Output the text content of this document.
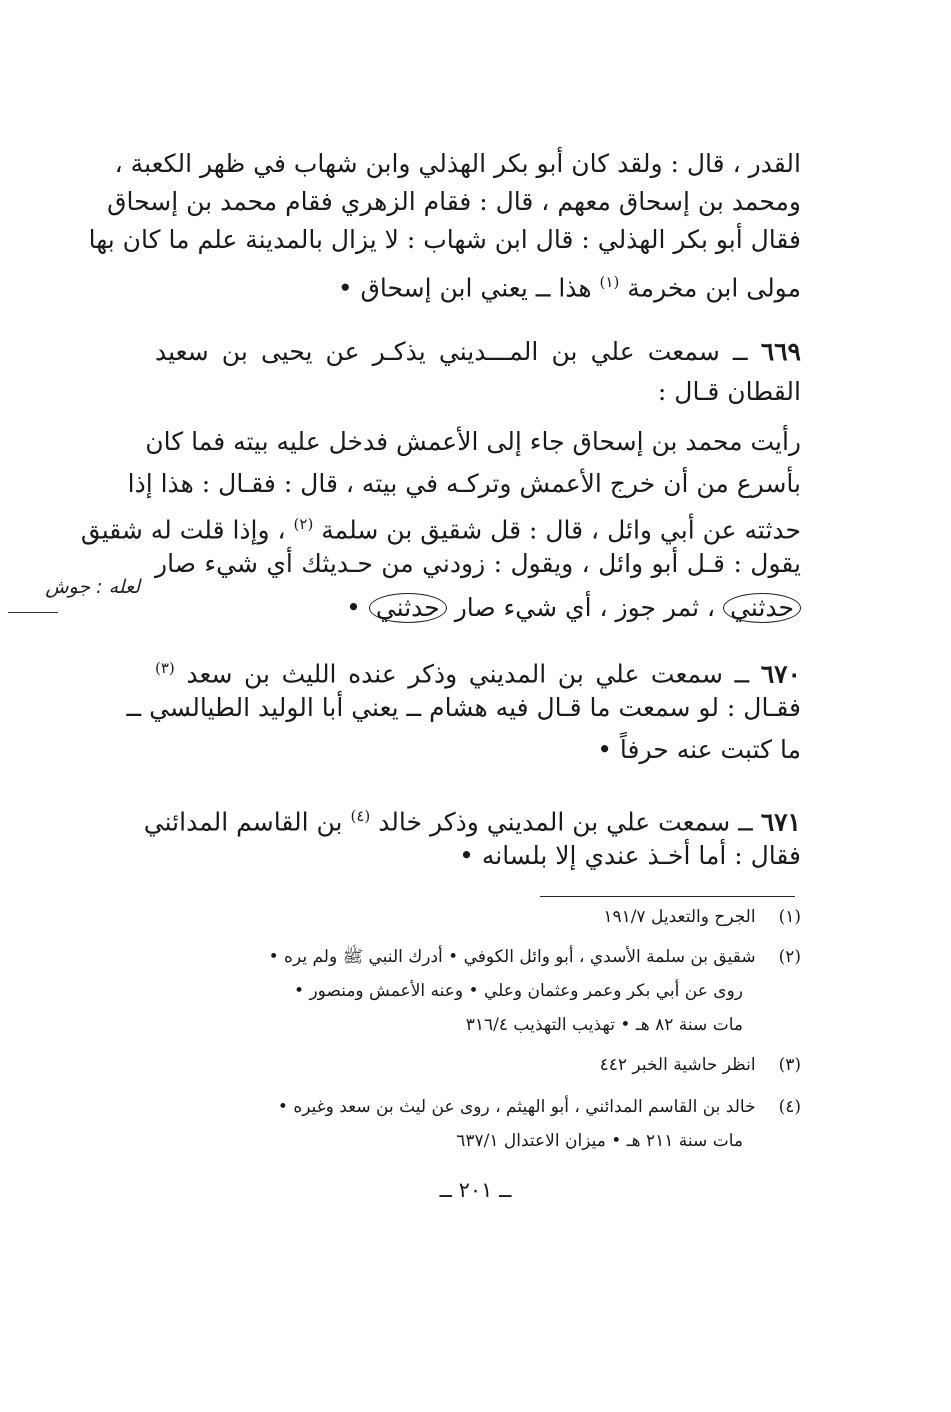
القدر ، قال : ولقد كان أبو بكر الهذلي وابن شهاب في ظهر الكعبة ،
ومحمد بن إسحاق معهم ، قال : فقام الزهري فقام محمد بن إسحاق
فقال أبو بكر الهذلي : قال ابن شهاب : لا يزال بالمدينة علم ما كان بها
مولى ابن مخرمة $^{(١)}$ هذا ــ يعني ابن إسحاق •
٦٦٩ ــ سمعت علي بن المـــديني يذكـر عن يحيى بن سعيد
القطان قـال :
رأيت محمد بن إسحاق جاء إلى الأعمش فدخل عليه بيته فما كان
بأسرع من أن خرج الأعمش وتركـه في بيته ، قال : فقـال : هذا إذا
حدثته عن أبي وائل ، قال : قل شقيق بن سلمة $^{(٢)}$ ، وإذا قلت له شقيق
يقول : قـل أبو وائل ، ويقول : زودني من حـديثك أي شيء صار
حدثني ، ثمر جوز ، أي شيء صار حدثني •
لعله : جوش
٦٧٠ ــ سمعت علي بن المديني وذكر عنده الليث بن سعد $^{(٣)}$
فقـال : لو سمعت ما قـال فيه هشام ــ يعني أبا الوليد الطيالسي ــ
ما كتبت عنه حرفاً •
٦٧١ ــ سمعت علي بن المديني وذكر خالد $^{(٤)}$ بن القاسم المدائني
فقال : أما أخـذ عندي إلا بلسانه •
(١) الجرح والتعديل ١٩١/٧
(٢) شقيق بن سلمة الأسدي ، أبو وائل الكوفي • أدرك النبي ﷺ ولم يره •
روى عن أبي بكر وعمر وعثمان وعلي • وعنه الأعمش ومنصور •
مات سنة ٨٢ هـ • تهذيب التهذيب ٣١٦/٤
(٣) انظر حاشية الخبر ٤٤٢
(٤) خالد بن القاسم المدائني ، أبو الهيثم ، روى عن ليث بن سعد وغيره •
مات سنة ٢١١ هـ • ميزان الاعتدال ٦٣٧/١
ــ ٢٠١ ــ
